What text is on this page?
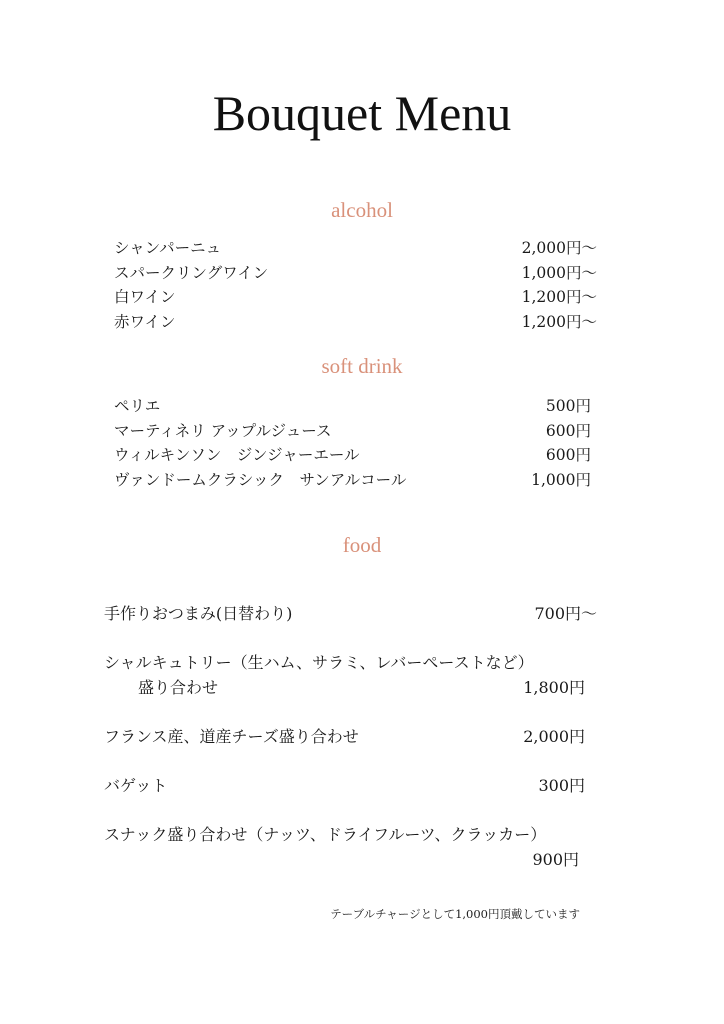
Bouquet Menu
alcohol
シャンパーニュ	2,000円〜
スパークリングワイン	1,000円〜
白ワイン	1,200円〜
赤ワイン	1,200円〜
soft drink
ペリエ	500円
マーティネリ アップルジュース	600円
ウィルキンソン　ジンジャーエール	600円
ヴァンドームクラシック　サンアルコール	1,000円
food
手作りおつまみ(日替わり)	700円〜
シャルキュトリー（生ハム、サラミ、レバーペーストなど）
盛り合わせ	1,800円
フランス産、道産チーズ盛り合わせ	2,000円
バゲット	300円
スナック盛り合わせ（ナッツ、ドライフルーツ、クラッカー）
900円
テーブルチャージとして1,000円頂戴しています
